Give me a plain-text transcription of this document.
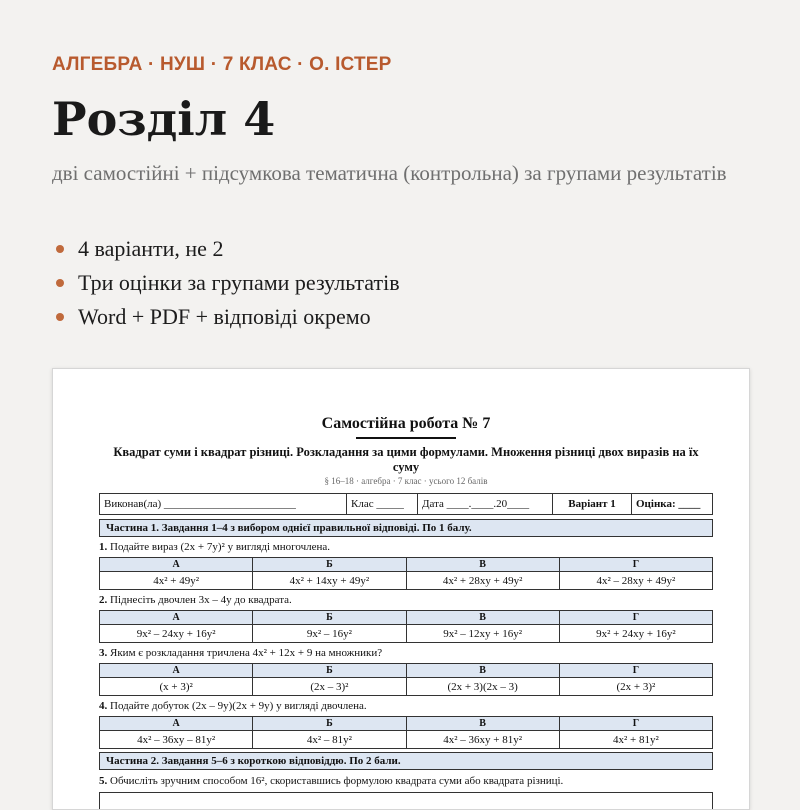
АЛГЕБРА · НУШ · 7 КЛАС · О. ІСТЕР
Розділ 4
дві самостійні + підсумкова тематична (контрольна) за групами результатів
4 варіанти, не 2
Три оцінки за групами результатів
Word + PDF + відповіді окремо
Самостійна робота № 7
Квадрат суми і квадрат різниці. Розкладання за цими формулами. Множення різниці двох виразів на їх суму
§ 16–18 · алгебра · 7 клас · усього 12 балів
Виконав(ла) ________________________	Клас _____	Дата ____.____.20____	Варіант 1	Оцінка: ____
Частина 1. Завдання 1–4 з вибором однієї правильної відповіді. По 1 балу.
1. Подайте вираз (2x + 7y)² у вигляді многочлена.
А	Б	В	Г
4x² + 49y²	4x² + 14xy + 49y²	4x² + 28xy + 49y²	4x² – 28xy + 49y²
2. Піднесіть двочлен 3x – 4y до квадрата.
А	Б	В	Г
9x² – 24xy + 16y²	9x² – 16y²	9x² – 12xy + 16y²	9x² + 24xy + 16y²
3. Яким є розкладання тричлена 4x² + 12x + 9 на множники?
А	Б	В	Г
(x + 3)²	(2x – 3)²	(2x + 3)(2x – 3)	(2x + 3)²
4. Подайте добуток (2x – 9y)(2x + 9y) у вигляді двочлена.
А	Б	В	Г
4x² – 36xy – 81y²	4x² – 81y²	4x² – 36xy + 81y²	4x² + 81y²
Частина 2. Завдання 5–6 з короткою відповіддю. По 2 бали.
5. Обчисліть зручним способом 16², скориставшись формулою квадрата суми або квадрата різниці.
